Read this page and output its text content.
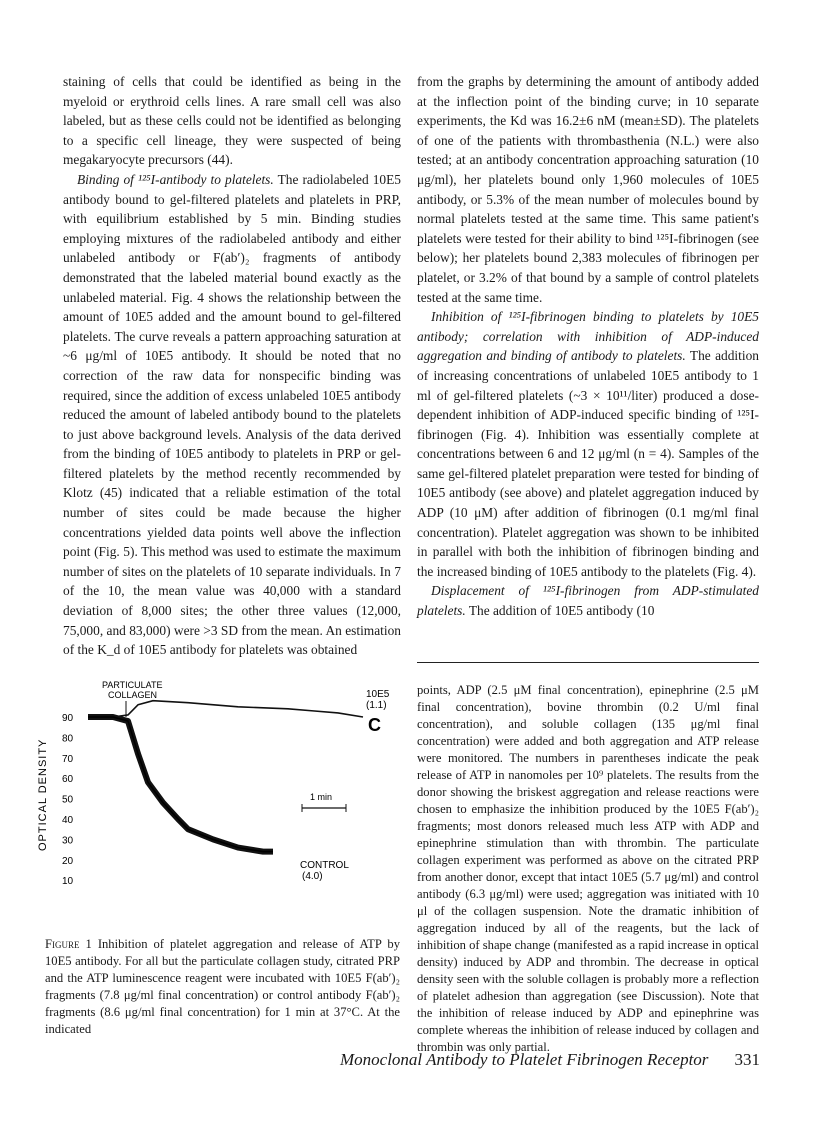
staining of cells that could be identified as being in the myeloid or erythroid cells lines. A rare small cell was also labeled, but as these cells could not be identified as belonging to a specific cell lineage, they were suspected of being megakaryocyte precursors (44).

Binding of ¹²⁵I-antibody to platelets. The radiolabeled 10E5 antibody bound to gel-filtered platelets and platelets in PRP, with equilibrium established by 5 min. Binding studies employing mixtures of the radiolabeled antibody and either unlabeled antibody or F(ab′)₂ fragments of antibody demonstrated that the labeled material bound exactly as the unlabeled material. Fig. 4 shows the relationship between the amount of 10E5 added and the amount bound to gel-filtered platelets. The curve reveals a pattern approaching saturation at ~6 μg/ml of 10E5 antibody. It should be noted that no correction of the raw data for nonspecific binding was required, since the addition of excess unlabeled 10E5 antibody reduced the amount of labeled antibody bound to the platelets to just above background levels. Analysis of the data derived from the binding of 10E5 antibody to platelets in PRP or gel-filtered platelets by the method recently recommended by Klotz (45) indicated that a reliable estimation of the total number of sites could be made because the higher concentrations yielded data points well above the inflection point (Fig. 5). This method was used to estimate the maximum number of sites on the platelets of 10 separate individuals. In 7 of the 10, the mean value was 40,000 with a standard deviation of 8,000 sites; the other three values (12,000, 75,000, and 83,000) were >3 SD from the mean. An estimation of the K_d of 10E5 antibody for platelets was obtained

from the graphs by determining the amount of antibody added at the inflection point of the binding curve; in 10 separate experiments, the Kd was 16.2±6 nM (mean±SD). The platelets of one of the patients with thrombasthenia (N.L.) were also tested; at an antibody concentration approaching saturation (10 μg/ml), her platelets bound only 1,960 molecules of 10E5 antibody, or 5.3% of the mean number of molecules bound by normal platelets tested at the same time. This same patient's platelets were tested for their ability to bind ¹²⁵I-fibrinogen (see below); her platelets bound 2,383 molecules of fibrinogen per platelet, or 3.2% of that bound by a sample of control platelets tested at the same time.

Inhibition of ¹²⁵I-fibrinogen binding to platelets by 10E5 antibody; correlation with inhibition of ADP-induced aggregation and binding of antibody to platelets. The addition of increasing concentrations of unlabeled 10E5 antibody to 1 ml of gel-filtered platelets (~3 × 10¹¹/liter) produced a dose-dependent inhibition of ADP-induced specific binding of ¹²⁵I-fibrinogen (Fig. 4). Inhibition was essentially complete at concentrations between 6 and 12 μg/ml (n = 4). Samples of the same gel-filtered platelet preparation were tested for binding of 10E5 antibody (see above) and platelet aggregation induced by ADP (10 μM) after addition of fibrinogen (0.1 mg/ml final concentration). Platelet aggregation was shown to be inhibited in parallel with both the inhibition of fibrinogen binding and the increased binding of 10E5 antibody to the platelets (Fig. 4).

Displacement of ¹²⁵I-fibrinogen from ADP-stimulated platelets. The addition of 10E5 antibody (10

PARTICULATE
COLLAGEN
OPTICAL DENSITY
90
80
70
60
50
40
30
20
10
10E5
(1.1)
C
1 min
CONTROL
(4.0)

Figure 1 Inhibition of platelet aggregation and release of ATP by 10E5 antibody. For all but the particulate collagen study, citrated PRP and the ATP luminescence reagent were incubated with 10E5 F(ab′)₂ fragments (7.8 μg/ml final concentration) or control antibody F(ab′)₂ fragments (8.6 μg/ml final concentration) for 1 min at 37°C. At the indicated

points, ADP (2.5 μM final concentration), epinephrine (2.5 μM final concentration), bovine thrombin (0.2 U/ml final concentration), and soluble collagen (135 μg/ml final concentration) were added and both aggregation and ATP release were monitored. The numbers in parentheses indicate the peak release of ATP in nanomoles per 10⁹ platelets. The results from the donor showing the briskest aggregation and release reactions were chosen to emphasize the inhibition produced by the 10E5 F(ab′)₂ fragments; most donors released much less ATP with ADP and epinephrine stimulation than with thrombin. The particulate collagen experiment was performed as above on the citrated PRP from another donor, except that intact 10E5 (5.7 μg/ml) and control antibody (6.3 μg/ml) were used; aggregation was initiated with 10 μl of the collagen suspension. Note the dramatic inhibition of aggregation induced by all of the reagents, but the lack of inhibition of shape change (manifested as a rapid increase in optical density) induced by ADP and thrombin. The decrease in optical density seen with the soluble collagen is probably more a reflection of platelet adhesion than aggregation (see Discussion). Note that the inhibition of release induced by ADP and epinephrine was complete whereas the inhibition of release induced by collagen and thrombin was only partial.

Monoclonal Antibody to Platelet Fibrinogen Receptor 331
